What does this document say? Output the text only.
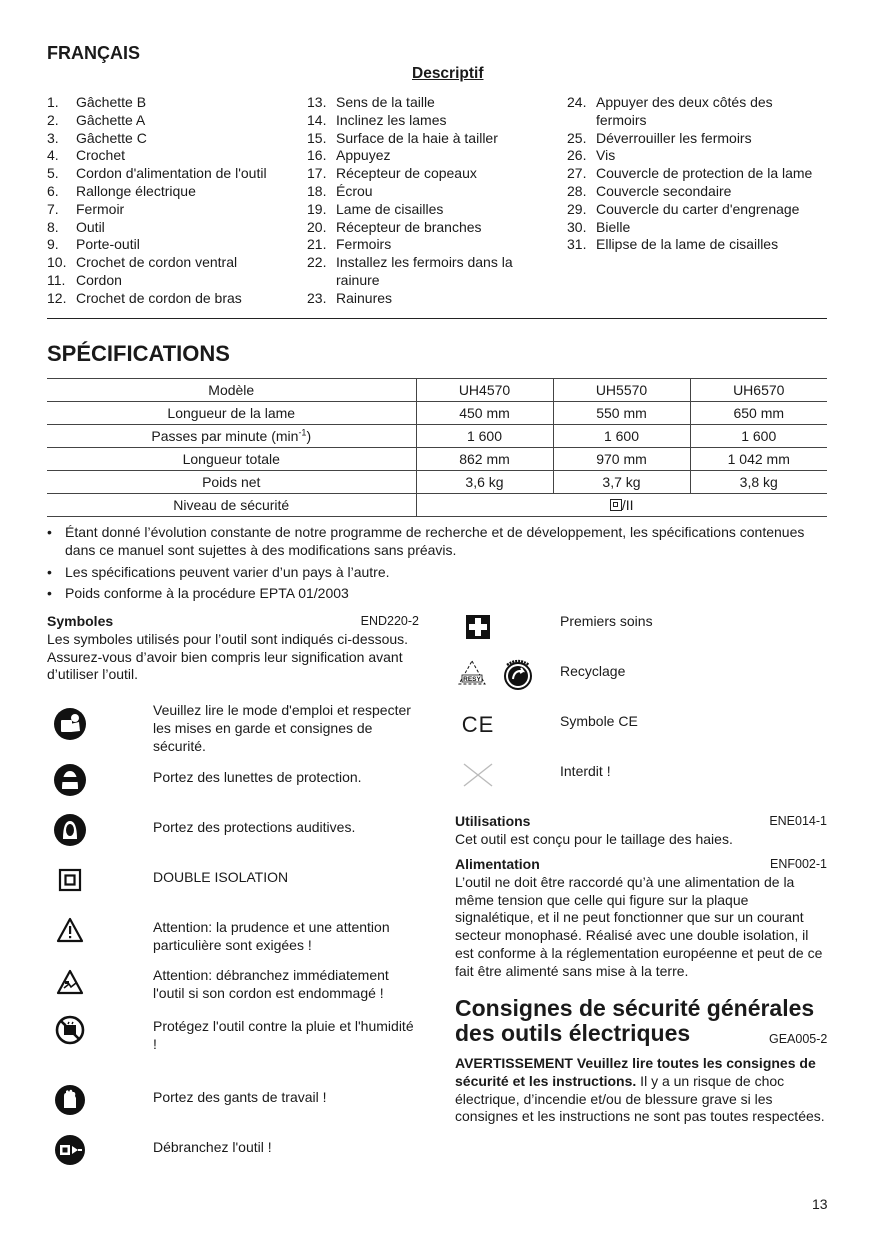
FRANÇAIS
Descriptif
1.	Gâchette B
2.	Gâchette A
3.	Gâchette C
4.	Crochet
5.	Cordon d'alimentation de l'outil
6.	Rallonge électrique
7.	Fermoir
8.	Outil
9.	Porte-outil
10. Crochet de cordon ventral
11. Cordon
12. Crochet de cordon de bras
13. Sens de la taille
14. Inclinez les lames
15. Surface de la haie à tailler
16. Appuyez
17. Récepteur de copeaux
18. Écrou
19. Lame de cisailles
20. Récepteur de branches
21. Fermoirs
22. Installez les fermoirs dans la rainure
23. Rainures
24. Appuyer des deux côtés des fermoirs
25. Déverrouiller les fermoirs
26. Vis
27. Couvercle de protection de la lame
28. Couvercle secondaire
29. Couvercle du carter d'engrenage
30. Bielle
31. Ellipse de la lame de cisailles
SPÉCIFICATIONS
Modèle	UH4570	UH5570	UH6570
Longueur de la lame	450 mm	550 mm	650 mm
Passes par minute $(\min^{-1})$	1 600	1 600	1 600
Longueur totale	862 mm	970 mm	1 042 mm
Poids net	3,6 kg	3,7 kg	3,8 kg
Niveau de sécurité	/II		
• Étant donné l’évolution constante de notre programme de recherche et de développement, les spécifications contenues dans ce manuel sont sujettes à des modifications sans préavis.
• Les spécifications peuvent varier d’un pays à l’autre.
• Poids conforme à la procédure EPTA 01/2003
Symboles	END220-2
Les symboles utilisés pour l’outil sont indiqués ci-dessous. Assurez-vous d’avoir bien compris leur signification avant d’utiliser l’outil.
Veuillez lire le mode d'emploi et respecter les mises en garde et consignes de sécurité.
Portez des lunettes de protection.
Portez des protections auditives.
DOUBLE ISOLATION
Attention: la prudence et une attention particulière sont exigées !
Attention: débranchez immédiatement l'outil si son cordon est endommagé !
Protégez l'outil contre la pluie et l'humidité !
Portez des gants de travail !
Débranchez l'outil !
Premiers soins
RESY
Recyclage
CE	Symbole CE
Interdit !
Utilisations	ENE014-1
Cet outil est conçu pour le taillage des haies.
Alimentation	ENF002-1
L’outil ne doit être raccordé qu’à une alimentation de la même tension que celle qui figure sur la plaque signalétique, et il ne peut fonctionner que sur un courant secteur monophasé. Réalisé avec une double isolation, il est conforme à la réglementation européenne et peut de ce fait être alimenté sans mise à la terre.
Consignes de sécurité générales des outils électriques	GEA005-2
AVERTISSEMENT Veuillez lire toutes les consignes de sécurité et les instructions. Il y a un risque de choc électrique, d’incendie et/ou de blessure grave si les consignes et les instructions ne sont pas toutes respectées.
13
